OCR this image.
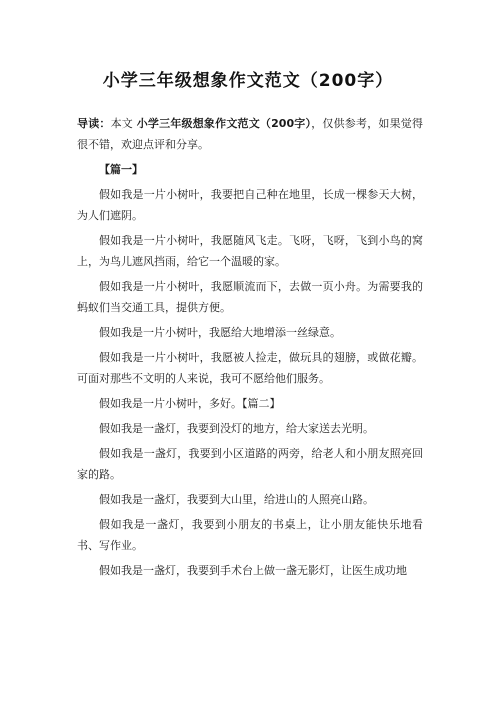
小学三年级想象作文范文（200字）

导读：本文 小学三年级想象作文范文（200字），仅供参考，如果觉得很不错，欢迎点评和分享。

【篇一】

假如我是一片小树叶，我要把自己种在地里，长成一棵参天大树，为人们遮阴。

假如我是一片小树叶，我愿随风飞走。飞呀，飞呀，飞到小鸟的窝上，为鸟儿遮风挡雨，给它一个温暖的家。

假如我是一片小树叶，我愿顺流而下，去做一页小舟。为需要我的蚂蚁们当交通工具，提供方便。

假如我是一片小树叶，我愿给大地增添一丝绿意。

假如我是一片小树叶，我愿被人捡走，做玩具的翅膀，或做花瓣。可面对那些不文明的人来说，我可不愿给他们服务。

假如我是一片小树叶，多好。【篇二】

假如我是一盏灯，我要到没灯的地方，给大家送去光明。

假如我是一盏灯，我要到小区道路的两旁，给老人和小朋友照亮回家的路。

假如我是一盏灯，我要到大山里，给进山的人照亮山路。

假如我是一盏灯，我要到小朋友的书桌上，让小朋友能快乐地看书、写作业。

假如我是一盏灯，我要到手术台上做一盏无影灯，让医生成功地
